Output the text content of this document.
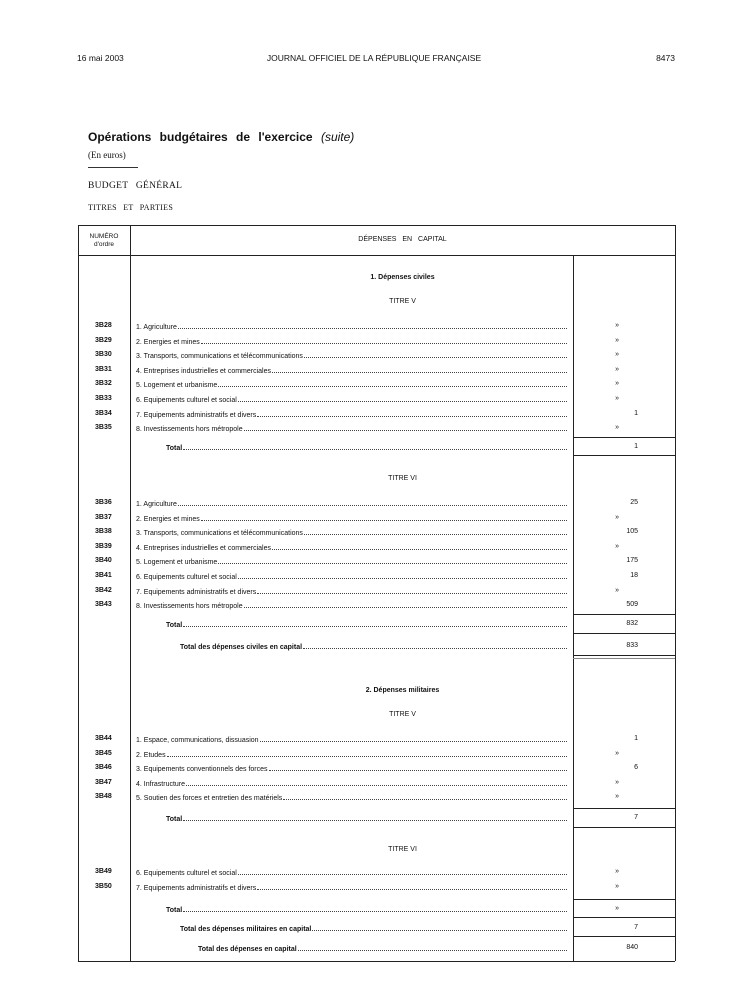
16 mai 2003	JOURNAL OFFICIEL DE LA RÉPUBLIQUE FRANÇAISE	8473
Opérations budgétaires de l'exercice (suite)
(En euros)
BUDGET GÉNÉRAL
TITRES ET PARTIES
NUMÉRO
d'ordre
DÉPENSES EN CAPITAL
1. Dépenses civiles
TITRE V
3B28	1. Agriculture	»
3B29	2. Energies et mines	»
3B30	3. Transports, communications et télécommunications	»
3B31	4. Entreprises industrielles et commerciales	»
3B32	5. Logement et urbanisme	»
3B33	6. Equipements culturel et social	»
3B34	7. Equipements administratifs et divers	1
3B35	8. Investissements hors métropole	»
Total	1
TITRE VI
3B36	1. Agriculture	25
3B37	2. Energies et mines	»
3B38	3. Transports, communications et télécommunications	105
3B39	4. Entreprises industrielles et commerciales	»
3B40	5. Logement et urbanisme	175
3B41	6. Equipements culturel et social	18
3B42	7. Equipements administratifs et divers	»
3B43	8. Investissements hors métropole	509
Total	832
Total des dépenses civiles en capital	833
2. Dépenses militaires
TITRE V
3B44	1. Espace, communications, dissuasion	1
3B45	2. Etudes	»
3B46	3. Equipements conventionnels des forces	6
3B47	4. Infrastructure	»
3B48	5. Soutien des forces et entretien des matériels	»
Total	7
TITRE VI
3B49	6. Equipements culturel et social	»
3B50	7. Equipements administratifs et divers	»
Total	»
Total des dépenses militaires en capital	7
Total des dépenses en capital	840
